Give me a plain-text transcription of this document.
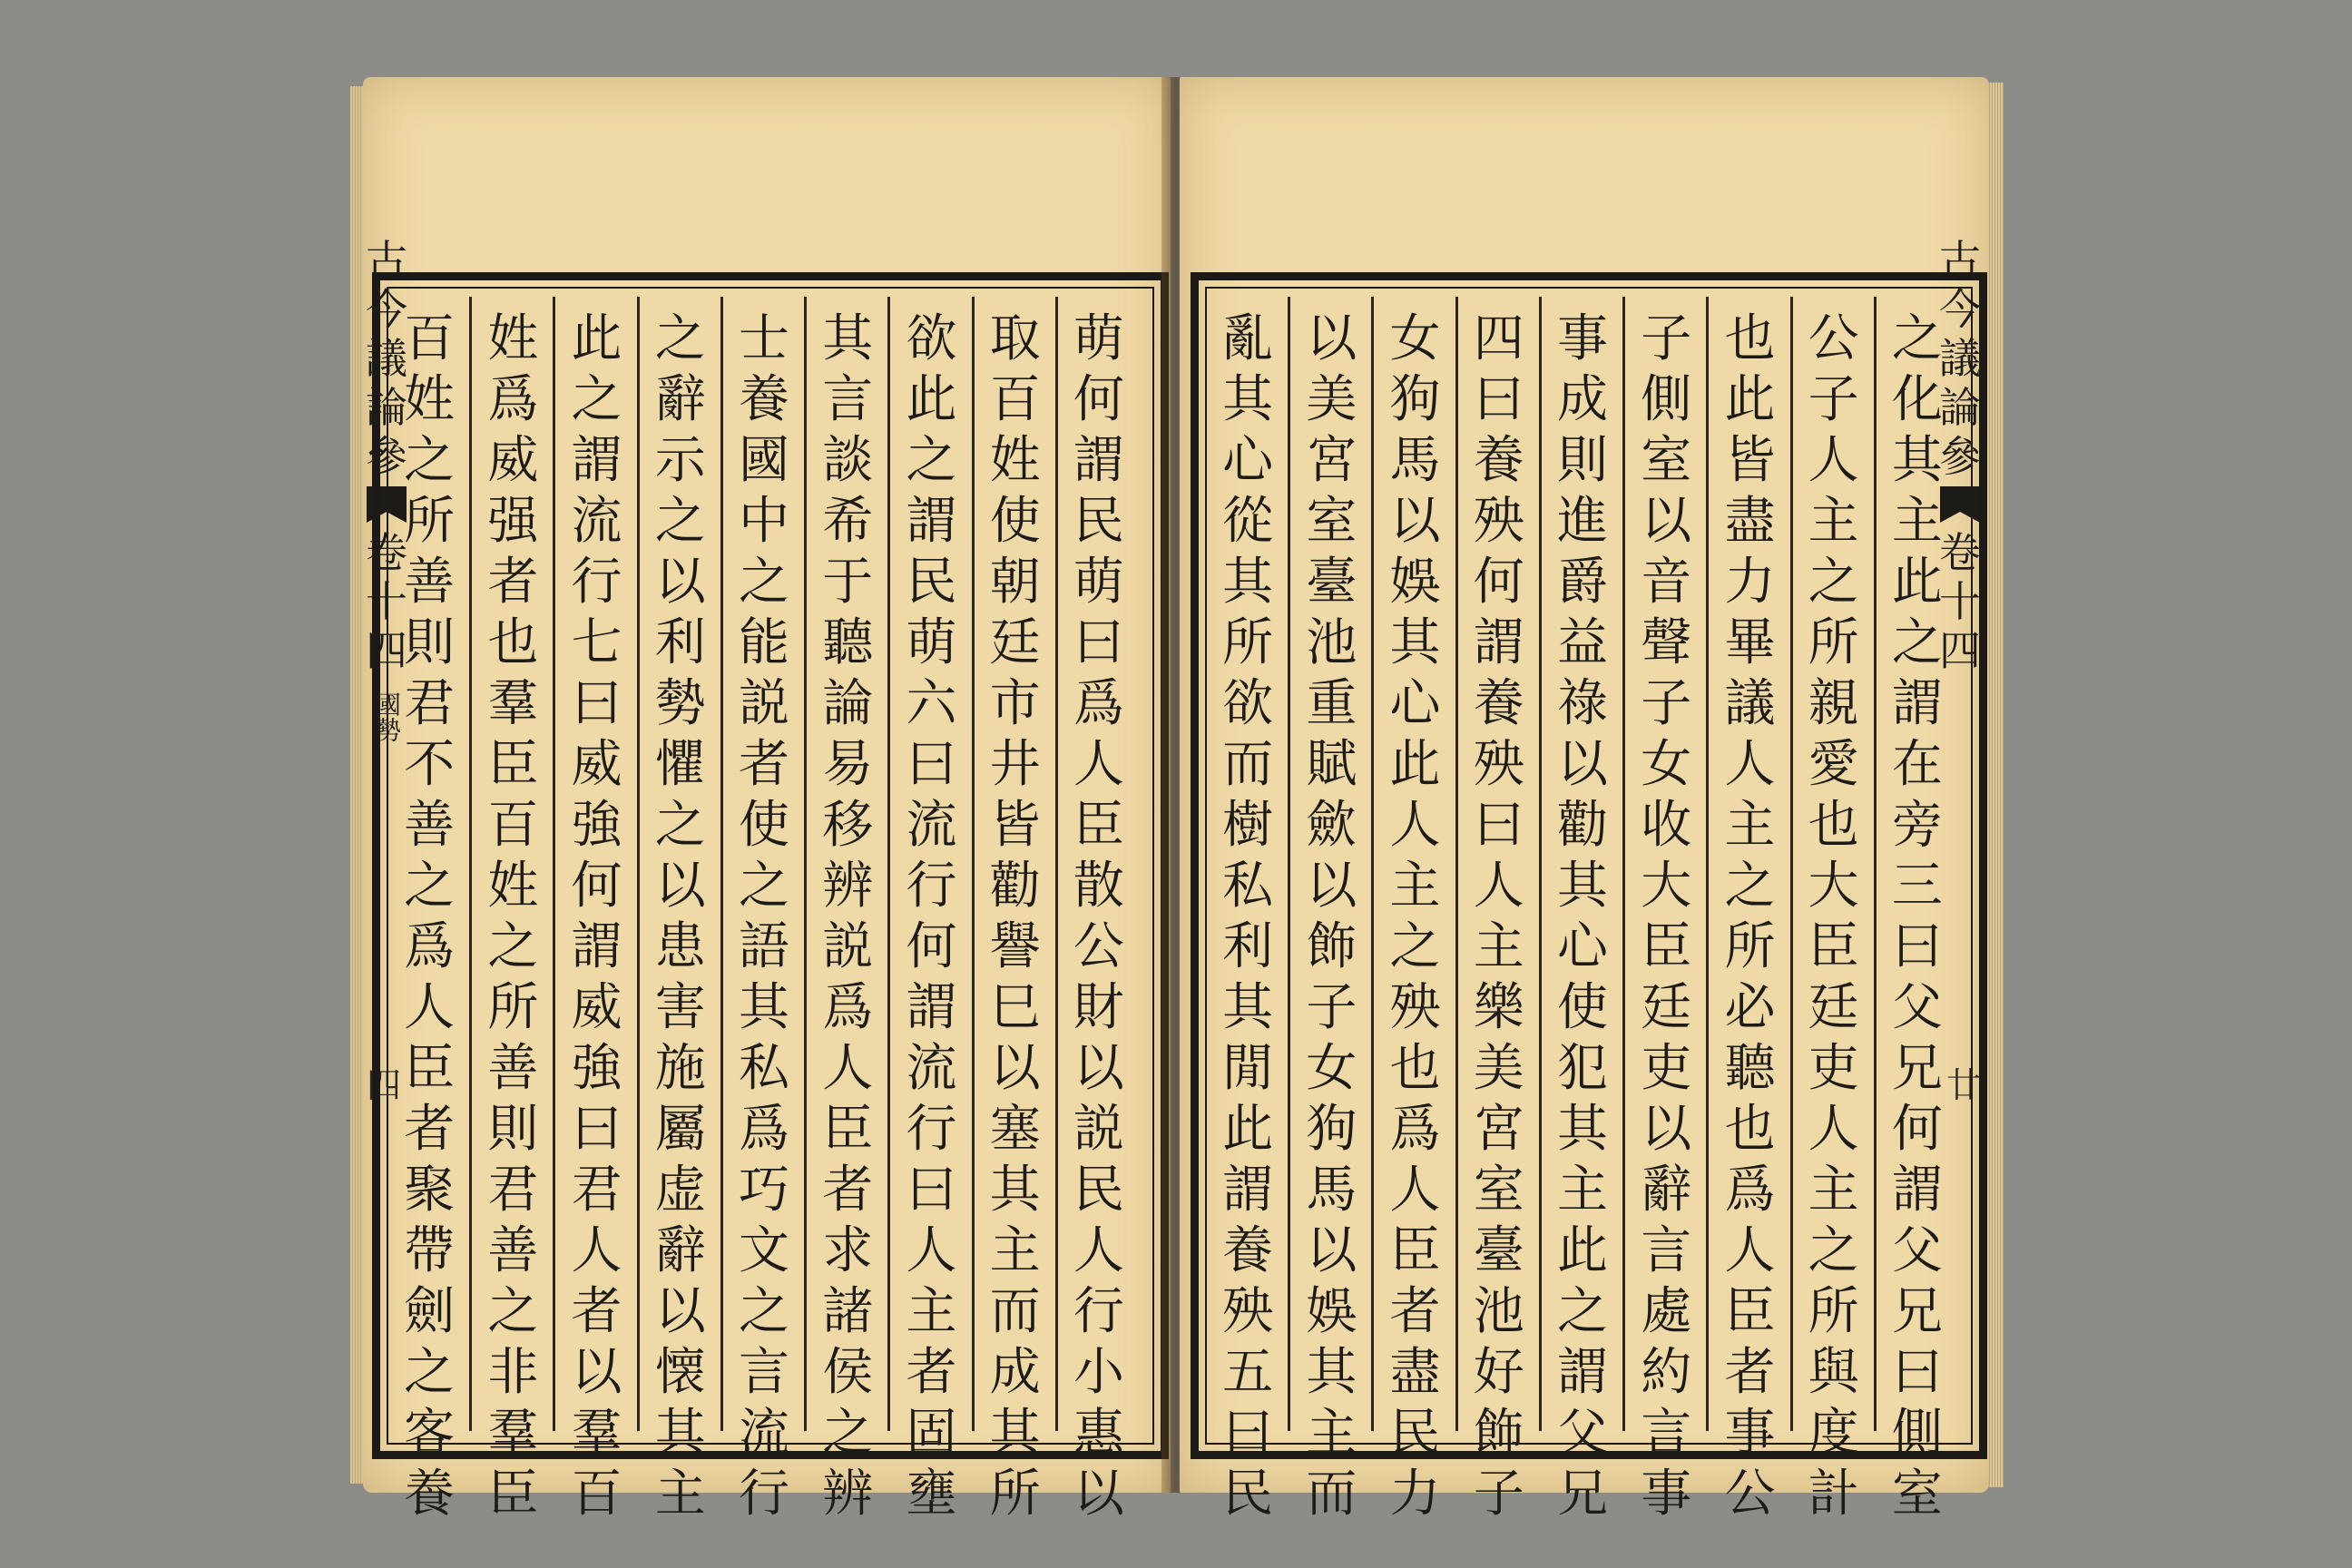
古
今
議
論
參
卷
十
四
國勢
四
萌
何
謂
民
萌
曰
爲
人
臣
散
公
財
以
説
民
人
行
小
惠
以
取
百
姓
使
朝
廷
市
井
皆
勸
譽
巳
以
塞
其
主
而
成
其
所
欲
此
之
謂
民
萌
六
曰
流
行
何
謂
流
行
曰
人
主
者
固
壅
其
言
談
希
于
聽
論
易
移
辨
説
爲
人
臣
者
求
諸
侯
之
辨
士
養
國
中
之
能
説
者
使
之
語
其
私
爲
巧
文
之
言
流
行
之
辭
示
之
以
利
勢
懼
之
以
患
害
施
屬
虚
辭
以
懐
其
主
此
之
謂
流
行
七
曰
威
強
何
謂
威
強
曰
君
人
者
以
羣
百
姓
爲
威
强
者
也
羣
臣
百
姓
之
所
善
則
君
善
之
非
羣
臣
百
姓
之
所
善
則
君
不
善
之
爲
人
臣
者
聚
帶
劍
之
客
養
古
今
議
論
參
卷
十
四
廿
之
化
其
主
此
之
謂
在
旁
三
曰
父
兄
何
謂
父
兄
曰
側
室
公
子
人
主
之
所
親
愛
也
大
臣
廷
吏
人
主
之
所
與
度
計
也
此
皆
盡
力
畢
議
人
主
之
所
必
聽
也
爲
人
臣
者
事
公
子
側
室
以
音
聲
子
女
收
大
臣
廷
吏
以
辭
言
處
約
言
事
事
成
則
進
爵
益
祿
以
勸
其
心
使
犯
其
主
此
之
謂
父
兄
四
曰
養
殃
何
謂
養
殃
曰
人
主
樂
美
宮
室
臺
池
好
飾
子
女
狗
馬
以
娛
其
心
此
人
主
之
殃
也
爲
人
臣
者
盡
民
力
以
美
宮
室
臺
池
重
賦
歛
以
飾
子
女
狗
馬
以
娛
其
主
而
亂
其
心
從
其
所
欲
而
樹
私
利
其
閒
此
謂
養
殃
五
曰
民
